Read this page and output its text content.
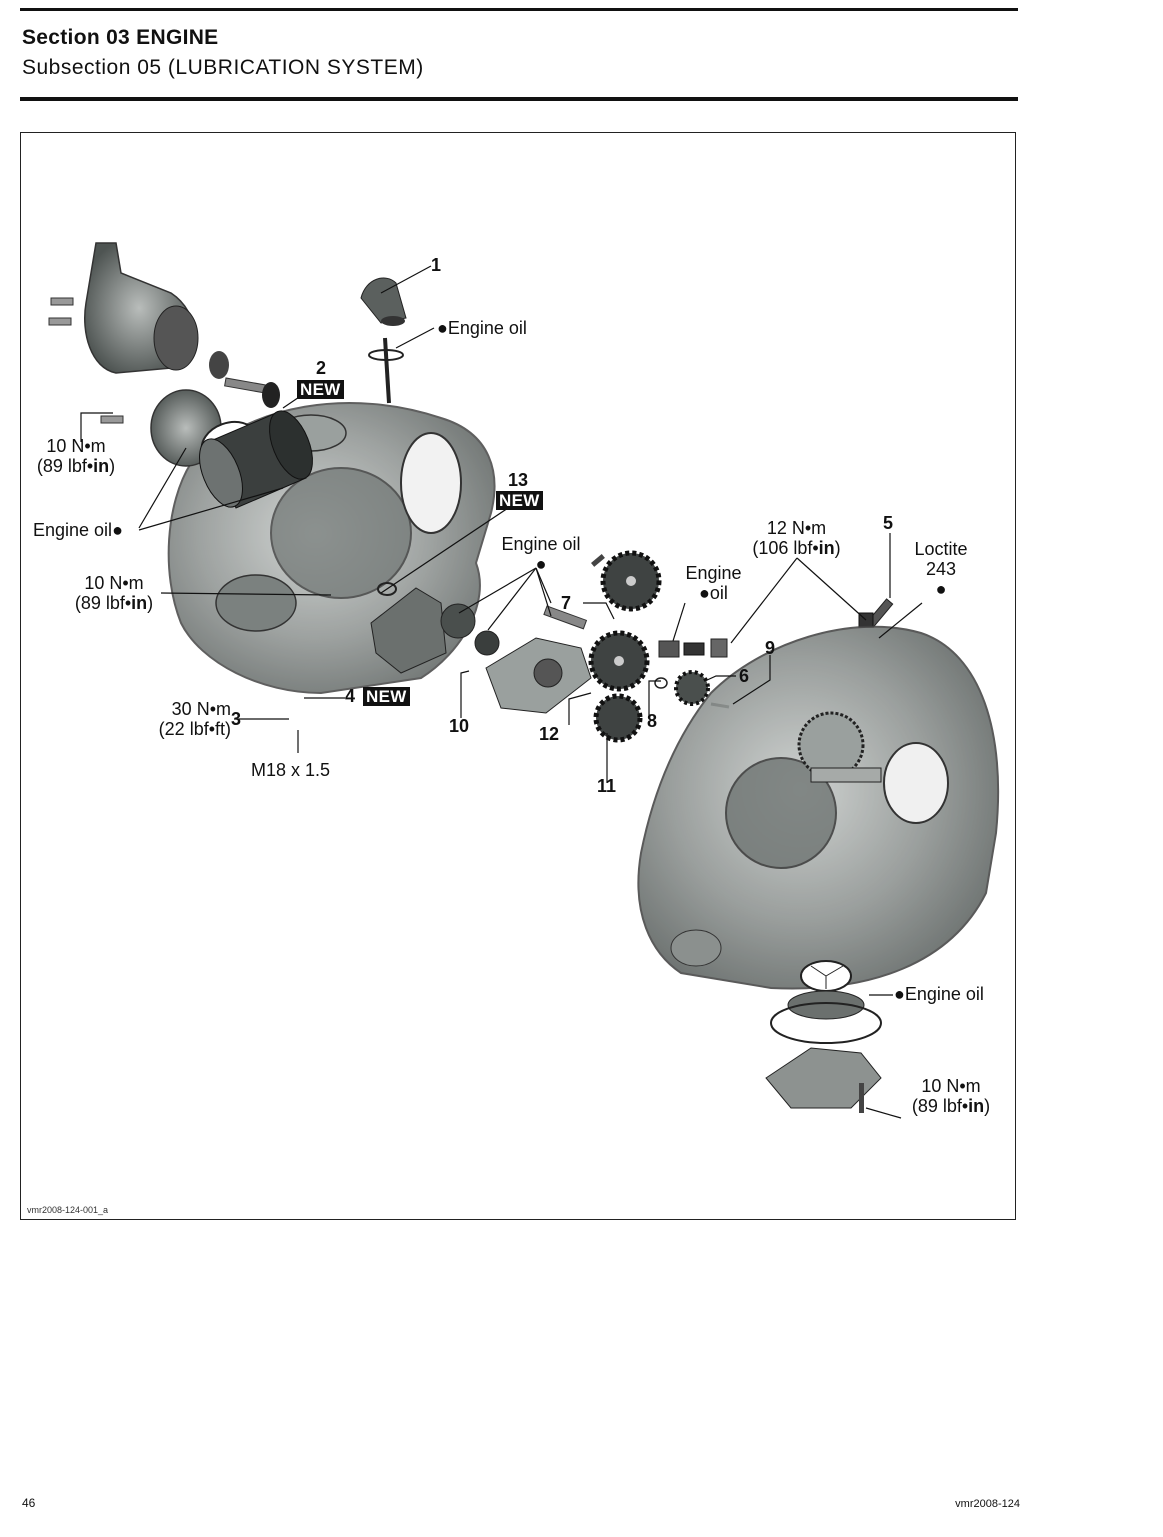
Section 03 ENGINE
Subsection 05 (LUBRICATION SYSTEM)
1
2
NEW
13
NEW
5
7
9
6
4 NEW
3	8
10	12
11
●Engine oil
10 N•m
(89 lbf•in)
Engine oil●
10 N•m
(89 lbf•in)
Engine oil
●	Engine
●oil
12 N•m
(106 lbf•in)	Loctite
243
●
30 N•m
(22 lbf•ft)
M18 x 1.5
●Engine oil
10 N•m
(89 lbf•in)
vmr2008-124-001_a
46	vmr2008-124
